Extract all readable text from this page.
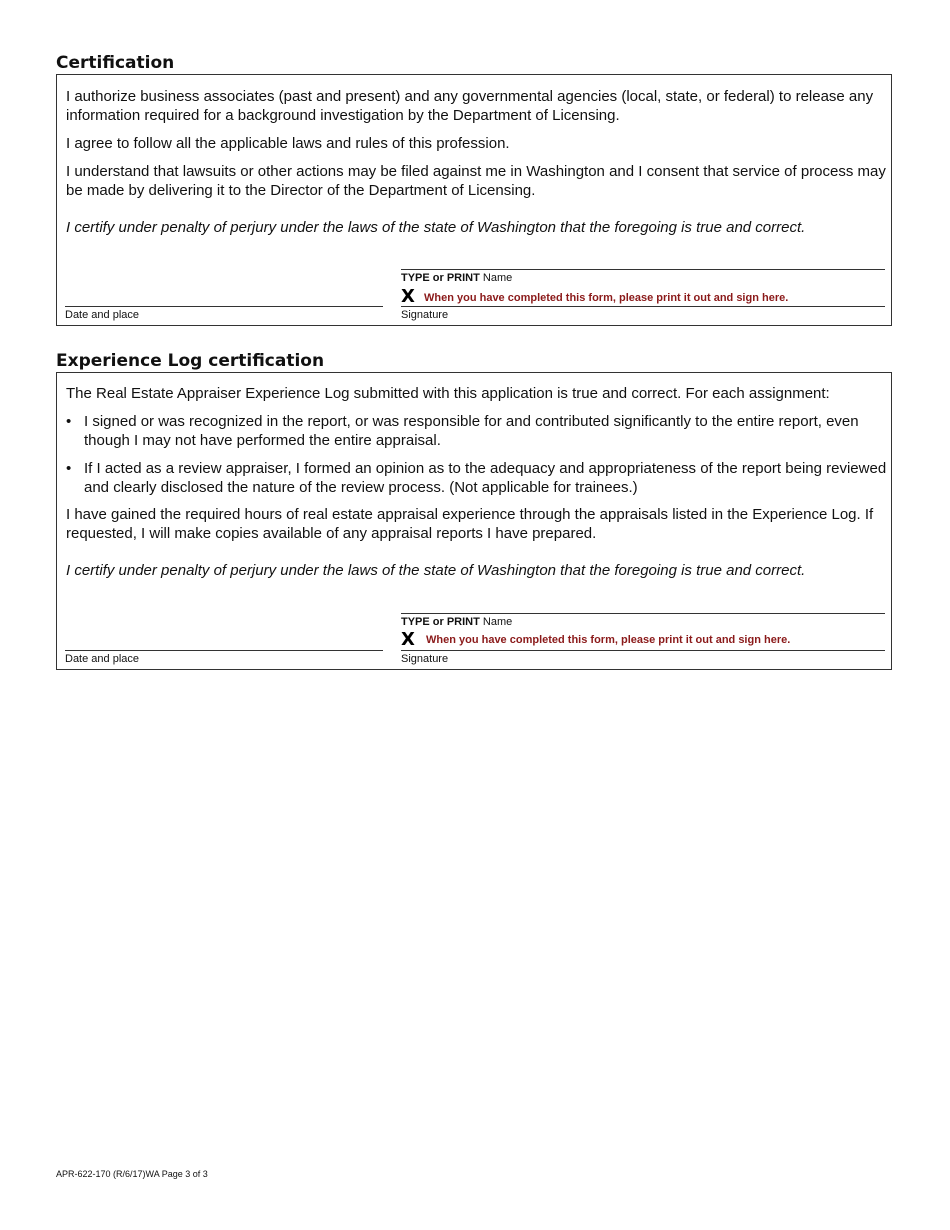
Certification

I authorize business associates (past and present) and any governmental agencies (local, state, or federal) to release any information required for a background investigation by the Department of Licensing.

I agree to follow all the applicable laws and rules of this profession.

I understand that lawsuits or other actions may be filed against me in Washington and I consent that service of process may be made by delivering it to the Director of the Department of Licensing.

I certify under penalty of perjury under the laws of the state of Washington that the foregoing is true and correct.

TYPE or PRINT Name
X When you have completed this form, please print it out and sign here.
Date and place	Signature
Experience Log certification

The Real Estate Appraiser Experience Log submitted with this application is true and correct. For each assignment:

• I signed or was recognized in the report, or was responsible for and contributed significantly to the entire report, even though I may not have performed the entire appraisal.
• If I acted as a review appraiser, I formed an opinion as to the adequacy and appropriateness of the report being reviewed and clearly disclosed the nature of the review process. (Not applicable for trainees.)

I have gained the required hours of real estate appraisal experience through the appraisals listed in the Experience Log. If requested, I will make copies available of any appraisal reports I have prepared.

I certify under penalty of perjury under the laws of the state of Washington that the foregoing is true and correct.

TYPE or PRINT Name
X When you have completed this form, please print it out and sign here.
Date and place	Signature
APR-622-170 (R/6/17)WA Page 3 of 3
